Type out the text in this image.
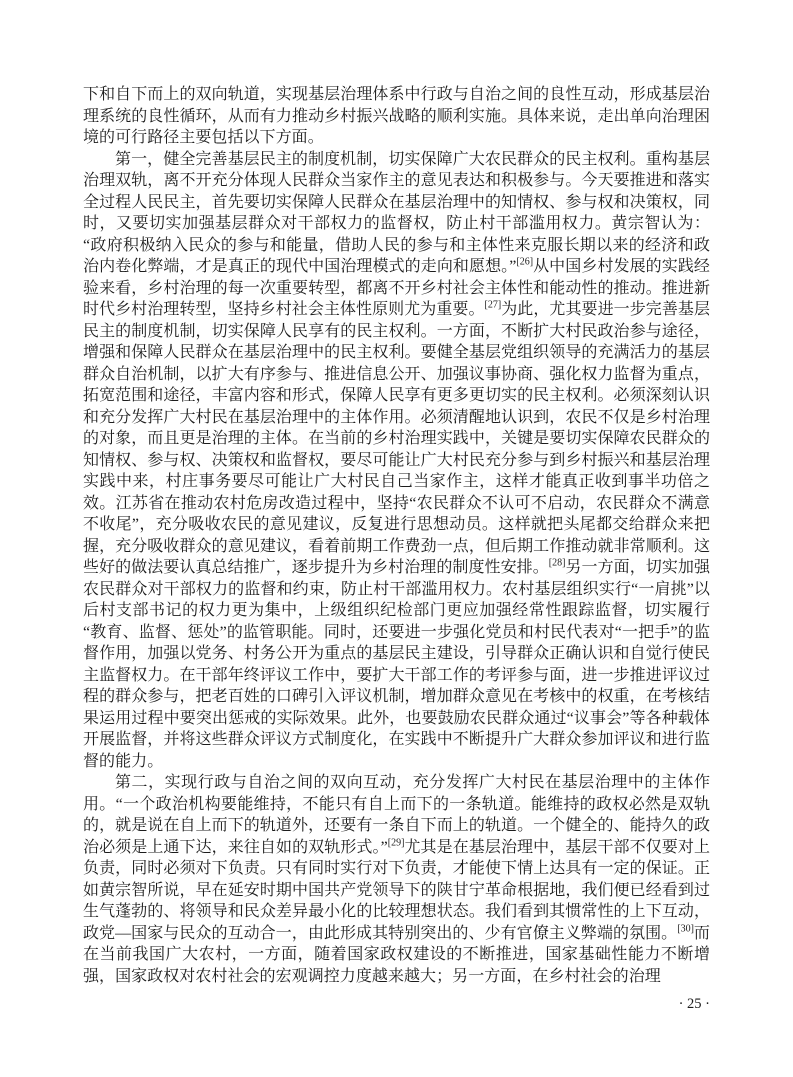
下和自下而上的双向轨道，实现基层治理体系中行政与自治之间的良性互动，形成基层治理系统的良性循环，从而有力推动乡村振兴战略的顺利实施。具体来说，走出单向治理困境的可行路径主要包括以下方面。

第一，健全完善基层民主的制度机制，切实保障广大农民群众的民主权利。重构基层治理双轨，离不开充分体现人民群众当家作主的意见表达和积极参与。今天要推进和落实全过程人民民主，首先要切实保障人民群众在基层治理中的知情权、参与权和决策权，同时，又要切实加强基层群众对干部权力的监督权，防止村干部滥用权力。黄宗智认为：“政府积极纳入民众的参与和能量，借助人民的参与和主体性来克服长期以来的经济和政治内卷化弊端，才是真正的现代中国治理模式的走向和愿想。”[26]从中国乡村发展的实践经验来看，乡村治理的每一次重要转型，都离不开乡村社会主体性和能动性的推动。推进新时代乡村治理转型，坚持乡村社会主体性原则尤为重要。[27]为此，尤其要进一步完善基层民主的制度机制，切实保障人民享有的民主权利。一方面，不断扩大村民政治参与途径，增强和保障人民群众在基层治理中的民主权利。要健全基层党组织领导的充满活力的基层群众自治机制，以扩大有序参与、推进信息公开、加强议事协商、强化权力监督为重点，拓宽范围和途径，丰富内容和形式，保障人民享有更多更切实的民主权利。必须深刻认识和充分发挥广大村民在基层治理中的主体作用。必须清醒地认识到，农民不仅是乡村治理的对象，而且更是治理的主体。在当前的乡村治理实践中，关键是要切实保障农民群众的知情权、参与权、决策权和监督权，要尽可能让广大村民充分参与到乡村振兴和基层治理实践中来，村庄事务要尽可能让广大村民自己当家作主，这样才能真正收到事半功倍之效。江苏省在推动农村危房改造过程中，坚持“农民群众不认可不启动，农民群众不满意不收尾”，充分吸收农民的意见建议，反复进行思想动员。这样就把头尾都交给群众来把握，充分吸收群众的意见建议，看着前期工作费劲一点，但后期工作推动就非常顺利。这些好的做法要认真总结推广，逐步提升为乡村治理的制度性安排。[28]另一方面，切实加强农民群众对干部权力的监督和约束，防止村干部滥用权力。农村基层组织实行“一肩挑”以后村支部书记的权力更为集中，上级组织纪检部门更应加强经常性跟踪监督，切实履行“教育、监督、惩处”的监管职能。同时，还要进一步强化党员和村民代表对“一把手”的监督作用，加强以党务、村务公开为重点的基层民主建设，引导群众正确认识和自觉行使民主监督权力。在干部年终评议工作中，要扩大干部工作的考评参与面，进一步推进评议过程的群众参与，把老百姓的口碑引入评议机制，增加群众意见在考核中的权重，在考核结果运用过程中要突出惩戒的实际效果。此外，也要鼓励农民群众通过“议事会”等各种载体开展监督，并将这些群众评议方式制度化，在实践中不断提升广大群众参加评议和进行监督的能力。

第二，实现行政与自治之间的双向互动，充分发挥广大村民在基层治理中的主体作用。“一个政治机构要能维持，不能只有自上而下的一条轨道。能维持的政权必然是双轨的，就是说在自上而下的轨道外，还要有一条自下而上的轨道。一个健全的、能持久的政治必须是上通下达，来往自如的双轨形式。”[29]尤其是在基层治理中，基层干部不仅要对上负责，同时必须对下负责。只有同时实行对下负责，才能使下情上达具有一定的保证。正如黄宗智所说，早在延安时期中国共产党领导下的陕甘宁革命根据地，我们便已经看到过生气蓬勃的、将领导和民众差异最小化的比较理想状态。我们看到其惯常性的上下互动，政党—国家与民众的互动合一，由此形成其特别突出的、少有官僚主义弊端的氛围。[30]而在当前我国广大农村，一方面，随着国家政权建设的不断推进，国家基础性能力不断增强，国家政权对农村社会的宏观调控力度越来越大；另一方面，在乡村社会的治理

· 25 ·
